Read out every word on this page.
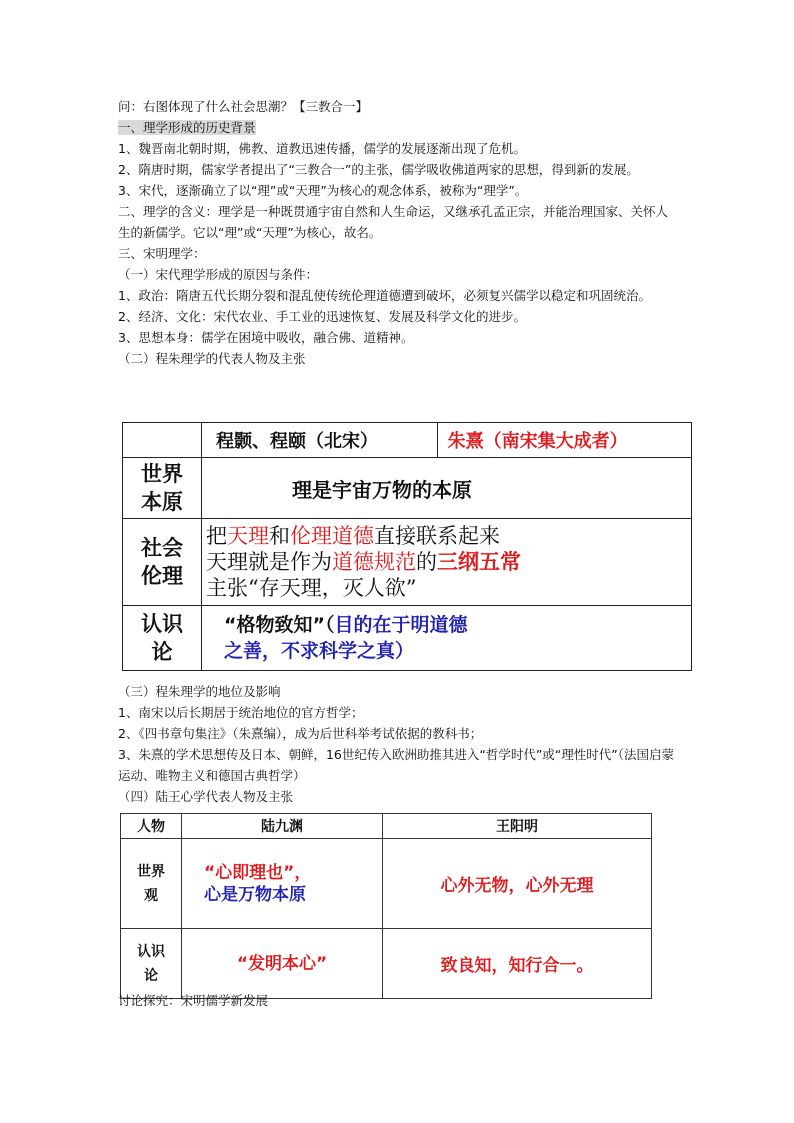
问：右图体现了什么社会思潮？【三教合一】
一、理学形成的历史背景
1、魏晋南北朝时期，佛教、道教迅速传播，儒学的发展逐渐出现了危机。
2、隋唐时期，儒家学者提出了“三教合一”的主张，儒学吸收佛道两家的思想，得到新的发展。
3、宋代，逐渐确立了以“理”或“天理”为核心的观念体系，被称为“理学”。
二、理学的含义：理学是一种既贯通宇宙自然和人生命运，又继承孔孟正宗，并能治理国家、关怀人生的新儒学。它以“理”或“天理”为核心，故名。
三、宋明理学：
（一）宋代理学形成的原因与条件：
1、政治：隋唐五代长期分裂和混乱使传统伦理道德遭到破坏，必须复兴儒学以稳定和巩固统治。
2、经济、文化：宋代农业、手工业的迅速恢复、发展及科学文化的进步。
3、思想本身：儒学在困境中吸收，融合佛、道精神。
（二）程朱理学的代表人物及主张
	程颢、程颐（北宋）	朱熹（南宋集大成者）

世界本原	理是宇宙万物的本原	

社会伦理	把天理和伦理道德直接联系起来
天理就是作为道德规范的三纲五常
主张“存天理，灭人欲”	

认识论	“格物致知”（目的在于明道德
之善，不求科学之真）	
（三）程朱理学的地位及影响
1、南宋以后长期居于统治地位的官方哲学；
2、《四书章句集注》（朱熹编），成为后世科举考试依据的教科书；
3、朱熹的学术思想传及日本、朝鲜，16世纪传入欧洲助推其进入“哲学时代”或“理性时代”（法国启蒙运动、唯物主义和德国古典哲学）
（四）陆王心学代表人物及主张
人物	陆九渊	王阳明

世界观	“心即理也”，
心是万物本原	心外无物，心外无理

认识论	“发明本心”	致良知，知行合一。
讨论探究：宋明儒学新发展
